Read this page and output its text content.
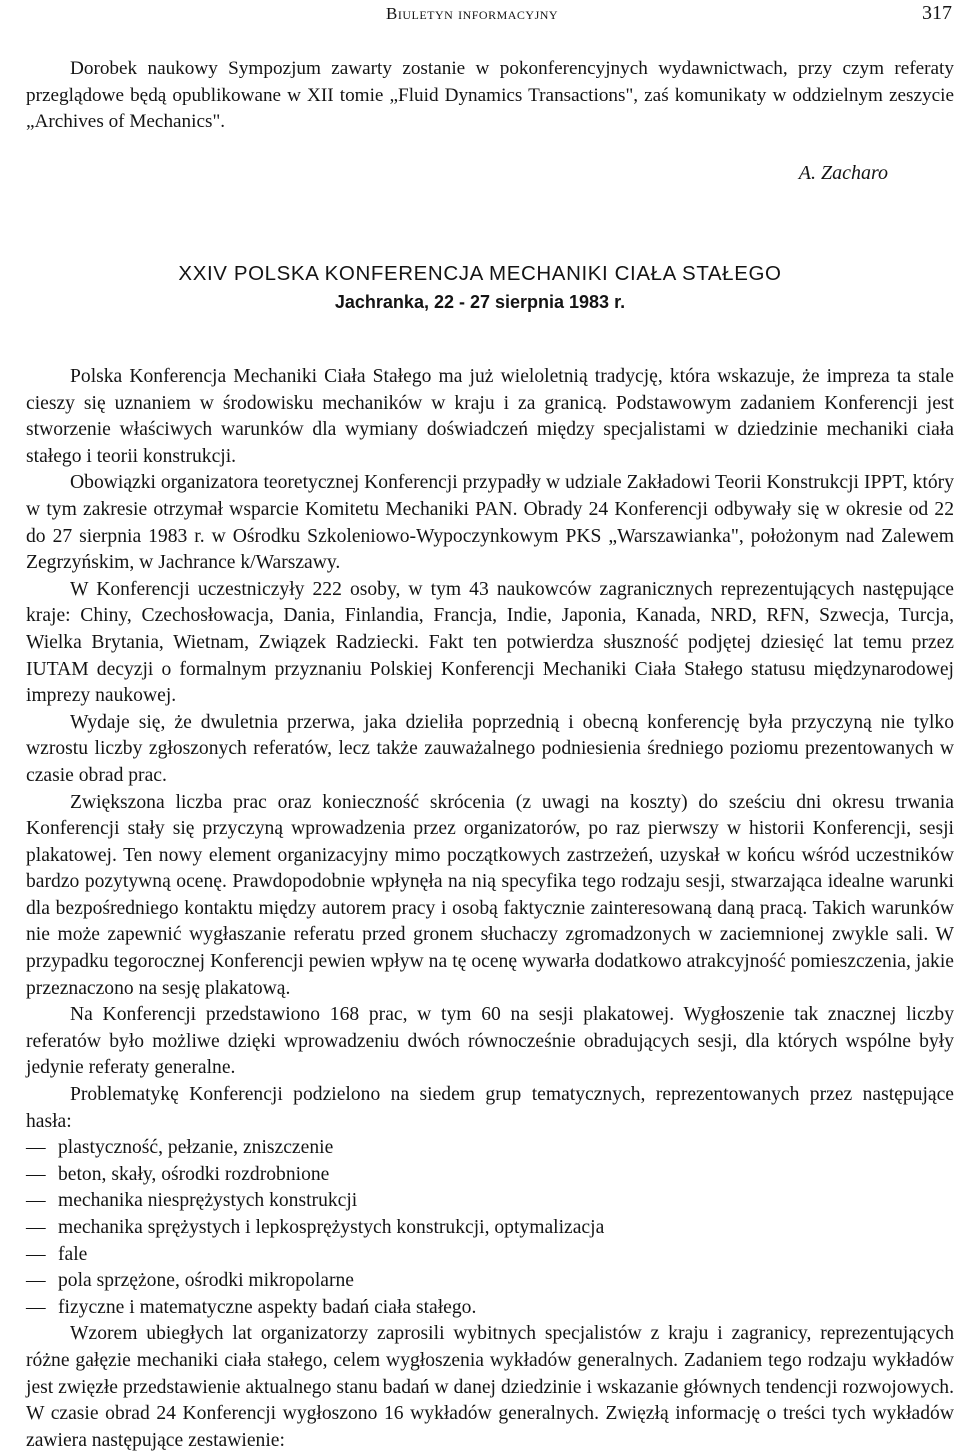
Biuletyn informacyjny	317

Dorobek naukowy Sympozjum zawarty zostanie w pokonferencyjnych wydawnictwach, przy czym referaty przeglądowe będą opublikowane w XII tomie „Fluid Dynamics Transactions", zaś komunikaty w oddzielnym zeszycie „Archives of Mechanics".

A. Zacharo
XXIV POLSKA KONFERENCJA MECHANIKI CIAŁA STAŁEGO
Jachranka, 22 - 27 sierpnia 1983 r.

Polska Konferencja Mechaniki Ciała Stałego ma już wieloletnią tradycję, która wskazuje, że impreza ta stale cieszy się uznaniem w środowisku mechaników w kraju i za granicą. Podstawowym zadaniem Konferencji jest stworzenie właściwych warunków dla wymiany doświadczeń między specjalistami w dziedzinie mechaniki ciała stałego i teorii konstrukcji.

Obowiązki organizatora teoretycznej Konferencji przypadły w udziale Zakładowi Teorii Konstrukcji IPPT, który w tym zakresie otrzymał wsparcie Komitetu Mechaniki PAN. Obrady 24 Konferencji odbywały się w okresie od 22 do 27 sierpnia 1983 r. w Ośrodku Szkoleniowo-Wypoczynkowym PKS „Warszawianka", położonym nad Zalewem Zegrzyńskim, w Jachrance k/Warszawy.

W Konferencji uczestniczyły 222 osoby, w tym 43 naukowców zagranicznych reprezentujących następujące kraje: Chiny, Czechosłowacja, Dania, Finlandia, Francja, Indie, Japonia, Kanada, NRD, RFN, Szwecja, Turcja, Wielka Brytania, Wietnam, Związek Radziecki. Fakt ten potwierdza słuszność podjętej dziesięć lat temu przez IUTAM decyzji o formalnym przyznaniu Polskiej Konferencji Mechaniki Ciała Stałego statusu międzynarodowej imprezy naukowej.

Wydaje się, że dwuletnia przerwa, jaka dzieliła poprzednią i obecną konferencję była przyczyną nie tylko wzrostu liczby zgłoszonych referatów, lecz także zauważalnego podniesienia średniego poziomu prezentowanych w czasie obrad prac.

Zwiększona liczba prac oraz konieczność skrócenia (z uwagi na koszty) do sześciu dni okresu trwania Konferencji stały się przyczyną wprowadzenia przez organizatorów, po raz pierwszy w historii Konferencji, sesji plakatowej. Ten nowy element organizacyjny mimo początkowych zastrzeżeń, uzyskał w końcu wśród uczestników bardzo pozytywną ocenę. Prawdopodobnie wpłynęła na nią specyfika tego rodzaju sesji, stwarzająca idealne warunki dla bezpośredniego kontaktu między autorem pracy i osobą faktycznie zainteresowaną daną pracą. Takich warunków nie może zapewnić wygłaszanie referatu przed gronem słuchaczy zgromadzonych w zaciemnionej zwykle sali. W przypadku tegorocznej Konferencji pewien wpływ na tę ocenę wywarła dodatkowo atrakcyjność pomieszczenia, jakie przeznaczono na sesję plakatową.

Na Konferencji przedstawiono 168 prac, w tym 60 na sesji plakatowej. Wygłoszenie tak znacznej liczby referatów było możliwe dzięki wprowadzeniu dwóch równocześnie obradujących sesji, dla których wspólne były jedynie referaty generalne.

Problematykę Konferencji podzielono na siedem grup tematycznych, reprezentowanych przez następujące hasła:

— plastyczność, pełzanie, zniszczenie
— beton, skały, ośrodki rozdrobnione
— mechanika niesprężystych konstrukcji
— mechanika sprężystych i lepkosprężystych konstrukcji, optymalizacja
— fale
— pola sprzężone, ośrodki mikropolarne
— fizyczne i matematyczne aspekty badań ciała stałego.

Wzorem ubiegłych lat organizatorzy zaprosili wybitnych specjalistów z kraju i zagranicy, reprezentujących różne gałęzie mechaniki ciała stałego, celem wygłoszenia wykładów generalnych. Zadaniem tego rodzaju wykładów jest zwięzłe przedstawienie aktualnego stanu badań w danej dziedzinie i wskazanie głównych tendencji rozwojowych. W czasie obrad 24 Konferencji wygłoszono 16 wykładów generalnych. Zwięzłą informację o treści tych wykładów zawiera następujące zestawienie:
